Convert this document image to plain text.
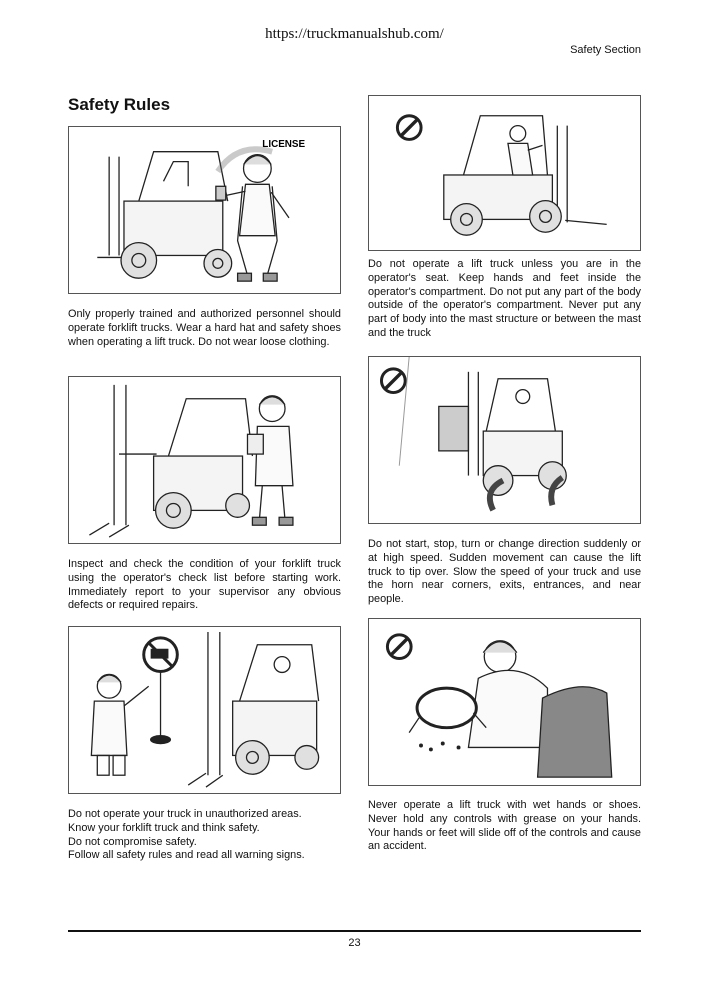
https://truckmanualshub.com/
Safety Section
Safety Rules
LICENSE

Only properly trained and authorized personnel should operate forklift trucks. Wear a hard hat and safety shoes when operating a lift truck. Do not wear loose clothing.

Inspect and check the condition of your forklift truck using the operator's check list before starting work. Immediately report to your supervisor any obvious defects or required repairs.

Do not operate your truck in unauthorized areas.

Know your forklift truck and think safety.

Do not compromise safety.

Follow all safety rules and read all warning signs.

Do not operate a lift truck unless you are in the operator's seat. Keep hands and feet inside the operator's compartment. Do not put any part of the body outside of the operator's compartment. Never put any part of body into the mast structure or between the mast and the truck

Do not start, stop, turn or change direction suddenly or at high speed. Sudden movement can cause the lift truck to tip over. Slow the speed of your truck and use the horn near corners, exits, entrances, and near people.

Never operate a lift truck with wet hands or shoes. Never hold any controls with grease on your hands. Your hands or feet will slide off of the controls and cause an accident.

23
